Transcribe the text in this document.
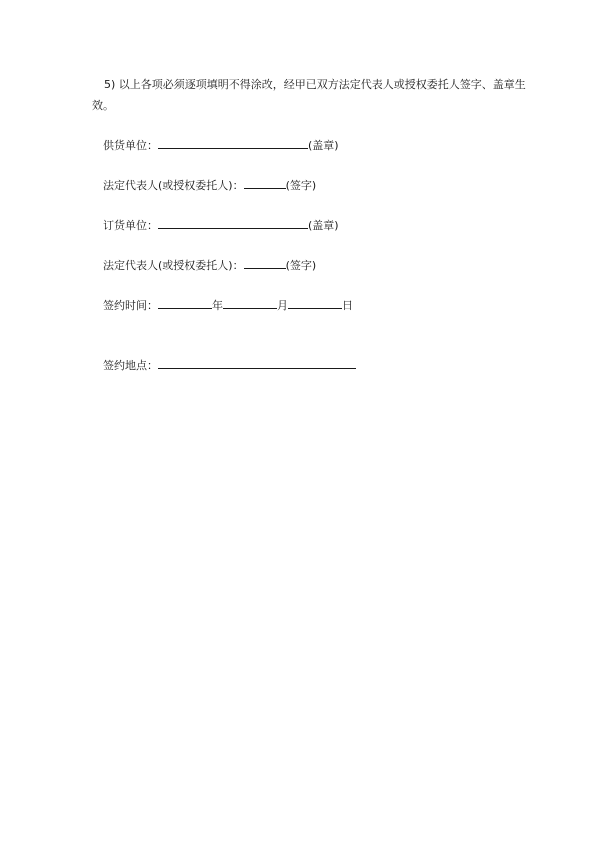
5) 以上各项必须逐项填明不得涂改，经甲已双方法定代表人或授权委托人签字、盖章生效。

供货单位：	(盖章)
法定代表人(或授权委托人)：	(签字)
订货单位：	(盖章)
法定代表人(或授权委托人)：	(签字)
签约时间：	年	月	日
签约地点：
